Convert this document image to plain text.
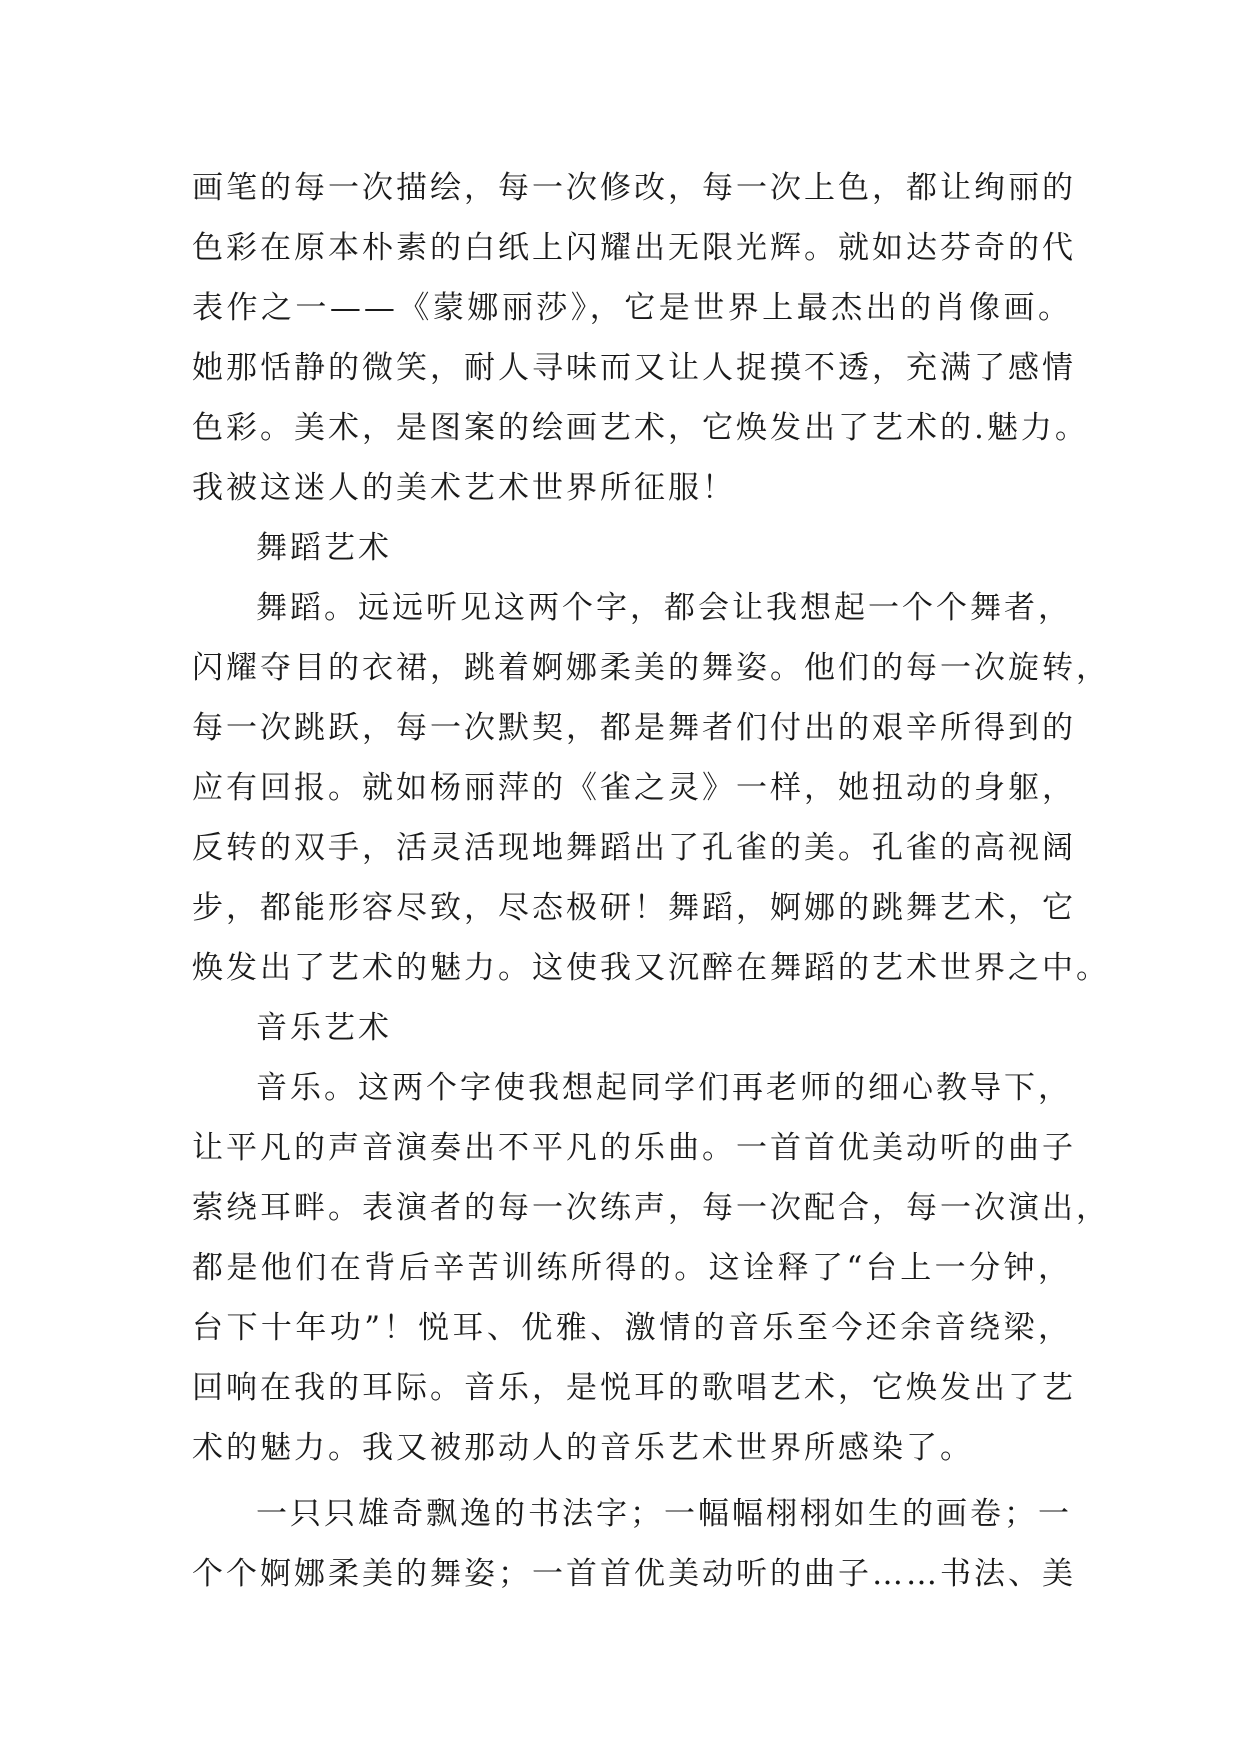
画笔的每一次描绘，每一次修改，每一次上色，都让绚丽的
色彩在原本朴素的白纸上闪耀出无限光辉。就如达芬奇的代
表作之一——《蒙娜丽莎》，它是世界上最杰出的肖像画。
她那恬静的微笑，耐人寻味而又让人捉摸不透，充满了感情
色彩。美术，是图案的绘画艺术，它焕发出了艺术的.魅力。
我被这迷人的美术艺术世界所征服！
舞蹈艺术
舞蹈。远远听见这两个字，都会让我想起一个个舞者，
闪耀夺目的衣裙，跳着婀娜柔美的舞姿。他们的每一次旋转，
每一次跳跃，每一次默契，都是舞者们付出的艰辛所得到的
应有回报。就如杨丽萍的《雀之灵》一样，她扭动的身躯，
反转的双手，活灵活现地舞蹈出了孔雀的美。孔雀的高视阔
步，都能形容尽致，尽态极研！舞蹈，婀娜的跳舞艺术，它
焕发出了艺术的魅力。这使我又沉醉在舞蹈的艺术世界之中。
音乐艺术
音乐。这两个字使我想起同学们再老师的细心教导下，
让平凡的声音演奏出不平凡的乐曲。一首首优美动听的曲子
萦绕耳畔。表演者的每一次练声，每一次配合，每一次演出，
都是他们在背后辛苦训练所得的。这诠释了“台上一分钟，
台下十年功”！悦耳、优雅、激情的音乐至今还余音绕梁，
回响在我的耳际。音乐，是悦耳的歌唱艺术，它焕发出了艺
术的魅力。我又被那动人的音乐艺术世界所感染了。
一只只雄奇飘逸的书法字；一幅幅栩栩如生的画卷；一
个个婀娜柔美的舞姿；一首首优美动听的曲子……书法、美
